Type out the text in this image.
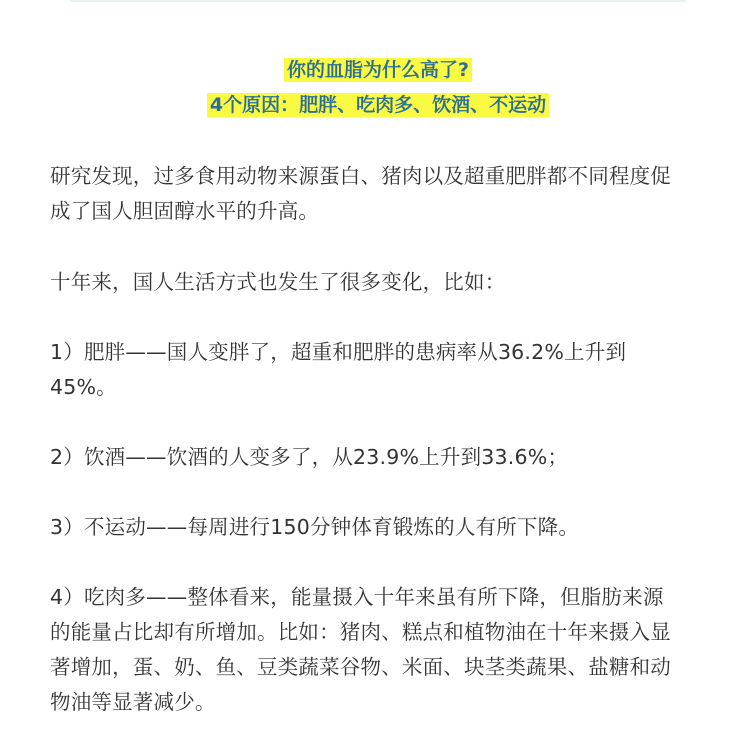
你的血脂为什么高了?
4个原因：肥胖、吃肉多、饮酒、不运动
研究发现，过多食用动物来源蛋白、猪肉以及超重肥胖都不同程度促
成了国人胆固醇水平的升高。
十年来，国人生活方式也发生了很多变化，比如：
1）肥胖——国人变胖了，超重和肥胖的患病率从36.2%上升到
45%。
2）饮酒——饮酒的人变多了，从23.9%上升到33.6%；
3）不运动——每周进行150分钟体育锻炼的人有所下降。
4）吃肉多——整体看来，能量摄入十年来虽有所下降，但脂肪来源
的能量占比却有所增加。比如：猪肉、糕点和植物油在十年来摄入显
著增加，蛋、奶、鱼、豆类蔬菜谷物、米面、块茎类蔬果、盐糖和动
物油等显著减少。
